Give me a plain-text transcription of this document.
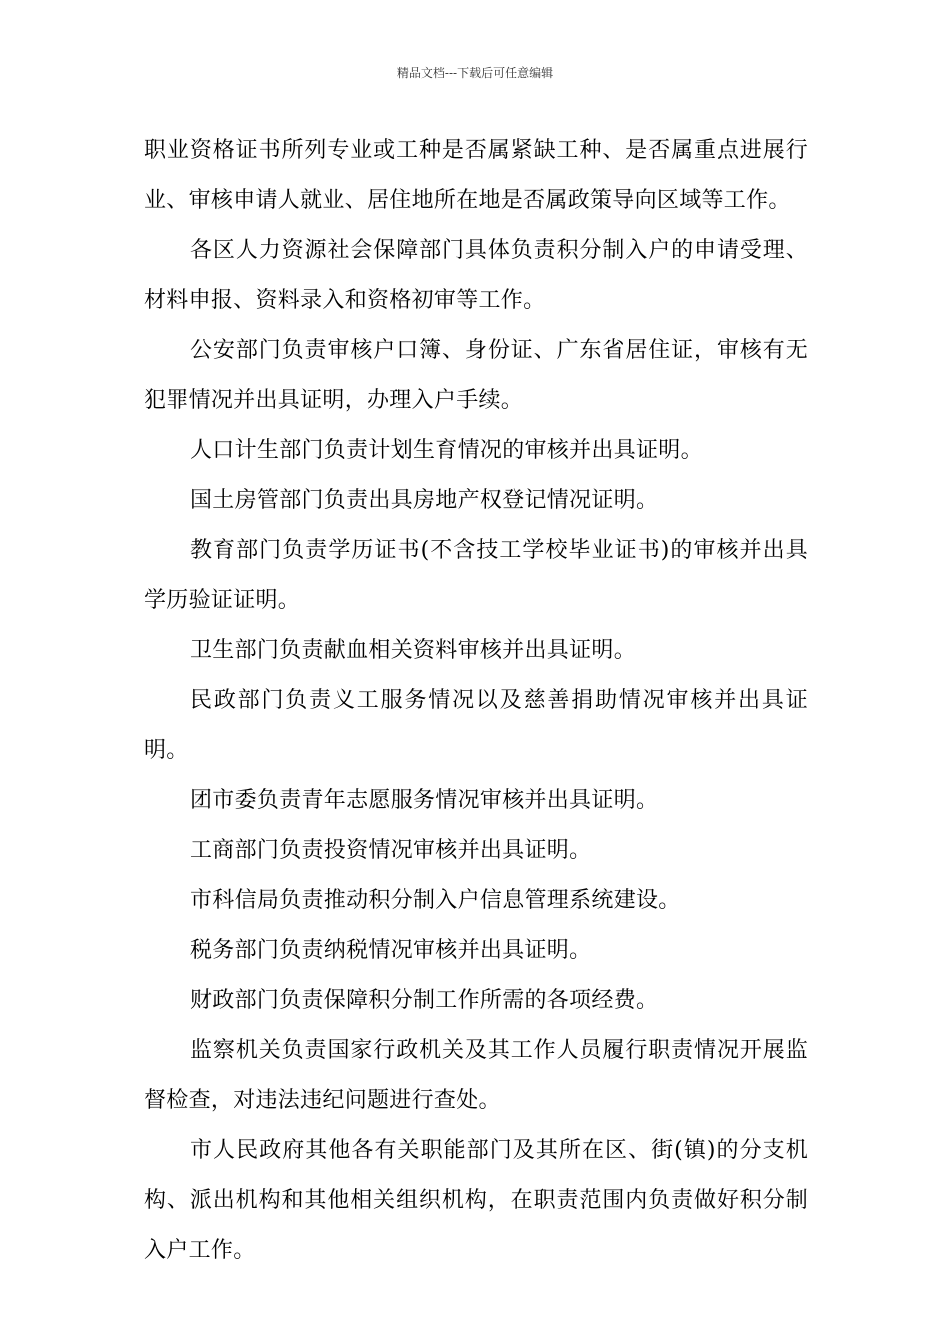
精品文档---下载后可任意编辑

职业资格证书所列专业或工种是否属紧缺工种、是否属重点进展行业、审核申请人就业、居住地所在地是否属政策导向区域等工作。

各区人力资源社会保障部门具体负责积分制入户的申请受理、材料申报、资料录入和资格初审等工作。

公安部门负责审核户口簿、身份证、广东省居住证，审核有无犯罪情况并出具证明，办理入户手续。

人口计生部门负责计划生育情况的审核并出具证明。

国土房管部门负责出具房地产权登记情况证明。

教育部门负责学历证书(不含技工学校毕业证书)的审核并出具学历验证证明。

卫生部门负责献血相关资料审核并出具证明。

民政部门负责义工服务情况以及慈善捐助情况审核并出具证明。

团市委负责青年志愿服务情况审核并出具证明。

工商部门负责投资情况审核并出具证明。

市科信局负责推动积分制入户信息管理系统建设。

税务部门负责纳税情况审核并出具证明。

财政部门负责保障积分制工作所需的各项经费。

监察机关负责国家行政机关及其工作人员履行职责情况开展监督检查，对违法违纪问题进行查处。

市人民政府其他各有关职能部门及其所在区、街(镇)的分支机构、派出机构和其他相关组织机构，在职责范围内负责做好积分制入户工作。
